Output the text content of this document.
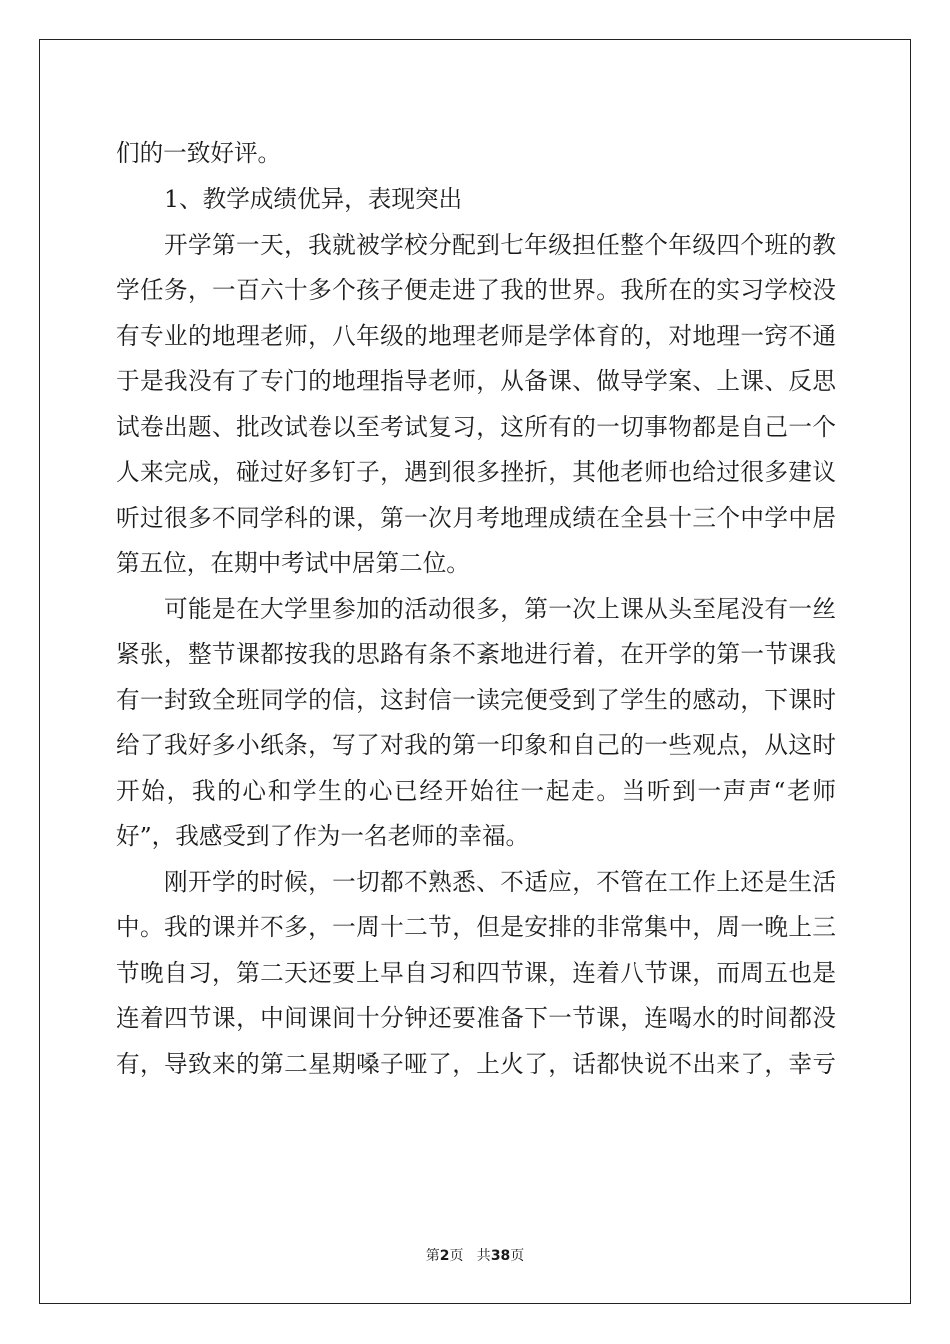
们的一致好评。
1、教学成绩优异，表现突出
开学第一天，我就被学校分配到七年级担任整个年级四个班的教
学任务，一百六十多个孩子便走进了我的世界。我所在的实习学校没
有专业的地理老师，八年级的地理老师是学体育的，对地理一窍不通
于是我没有了专门的地理指导老师，从备课、做导学案、上课、反思
试卷出题、批改试卷以至考试复习，这所有的一切事物都是自己一个
人来完成，碰过好多钉子，遇到很多挫折，其他老师也给过很多建议
听过很多不同学科的课，第一次月考地理成绩在全县十三个中学中居
第五位，在期中考试中居第二位。
可能是在大学里参加的活动很多，第一次上课从头至尾没有一丝
紧张，整节课都按我的思路有条不紊地进行着，在开学的第一节课我
有一封致全班同学的信，这封信一读完便受到了学生的感动，下课时
给了我好多小纸条，写了对我的第一印象和自己的一些观点，从这时
开始，我的心和学生的心已经开始往一起走。当听到一声声“老师
好”，我感受到了作为一名老师的幸福。
刚开学的时候，一切都不熟悉、不适应，不管在工作上还是生活
中。我的课并不多，一周十二节，但是安排的非常集中，周一晚上三
节晚自习，第二天还要上早自习和四节课，连着八节课，而周五也是
连着四节课，中间课间十分钟还要准备下一节课，连喝水的时间都没
有，导致来的第二星期嗓子哑了，上火了，话都快说不出来了，幸亏
第2页   共38页
